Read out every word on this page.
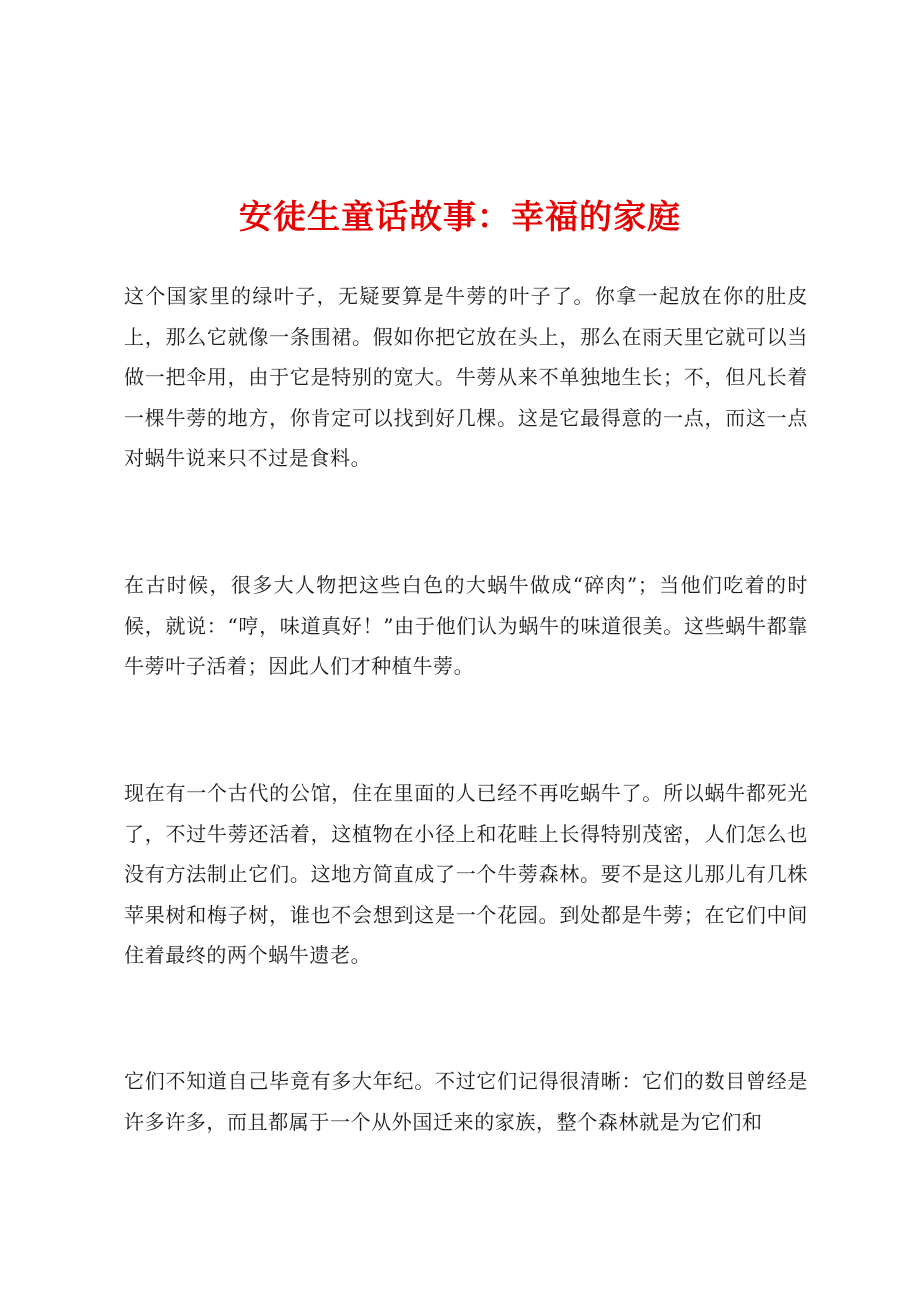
安徒生童话故事：幸福的家庭

这个国家里的绿叶子，无疑要算是牛蒡的叶子了。你拿一起放在你的肚皮上，那么它就像一条围裙。假如你把它放在头上，那么在雨天里它就可以当做一把伞用，由于它是特别的宽大。牛蒡从来不单独地生长；不，但凡长着一棵牛蒡的地方，你肯定可以找到好几棵。这是它最得意的一点，而这一点对蜗牛说来只不过是食料。

在古时候，很多大人物把这些白色的大蜗牛做成“碎肉”；当他们吃着的时候，就说：“哼，味道真好！”由于他们认为蜗牛的味道很美。这些蜗牛都靠牛蒡叶子活着；因此人们才种植牛蒡。

现在有一个古代的公馆，住在里面的人已经不再吃蜗牛了。所以蜗牛都死光了，不过牛蒡还活着，这植物在小径上和花畦上长得特别茂密，人们怎么也没有方法制止它们。这地方简直成了一个牛蒡森林。要不是这儿那儿有几株苹果树和梅子树，谁也不会想到这是一个花园。到处都是牛蒡；在它们中间住着最终的两个蜗牛遗老。

它们不知道自己毕竟有多大年纪。不过它们记得很清晰：它们的数目曾经是许多许多，而且都属于一个从外国迁来的家族，整个森林就是为它们和
